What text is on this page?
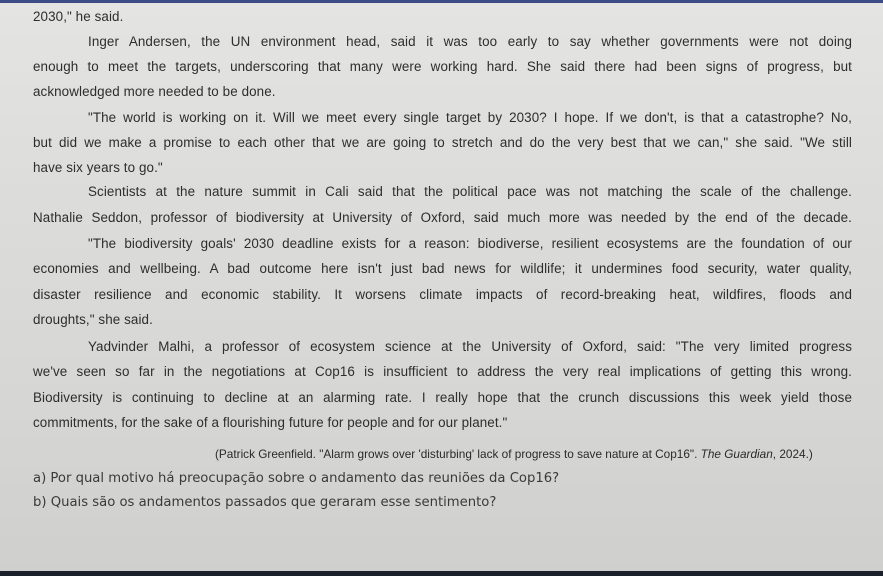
2030," he said.
Inger Andersen, the UN environment head, said it was too early to say whether governments were not doing
enough to meet the targets, underscoring that many were working hard. She said there had been signs of progress, but
acknowledged more needed to be done.
"The world is working on it. Will we meet every single target by 2030? I hope. If we don't, is that a catastrophe? No,
but did we make a promise to each other that we are going to stretch and do the very best that we can," she said. "We still
have six years to go."
Scientists at the nature summit in Cali said that the political pace was not matching the scale of the challenge.
Nathalie Seddon, professor of biodiversity at University of Oxford, said much more was needed by the end of the decade.
"The biodiversity goals' 2030 deadline exists for a reason: biodiverse, resilient ecosystems are the foundation of our
economies and wellbeing. A bad outcome here isn't just bad news for wildlife; it undermines food security, water quality,
disaster resilience and economic stability. It worsens climate impacts of record-breaking heat, wildfires, floods and
droughts," she said.
Yadvinder Malhi, a professor of ecosystem science at the University of Oxford, said: "The very limited progress
we've seen so far in the negotiations at Cop16 is insufficient to address the very real implications of getting this wrong.
Biodiversity is continuing to decline at an alarming rate. I really hope that the crunch discussions this week yield those
commitments, for the sake of a flourishing future for people and for our planet."
(Patrick Greenfield. "Alarm grows over 'disturbing' lack of progress to save nature at Cop16". The Guardian, 2024.)
a) Por qual motivo há preocupação sobre o andamento das reuniões da Cop16?
b) Quais são os andamentos passados que geraram esse sentimento?
